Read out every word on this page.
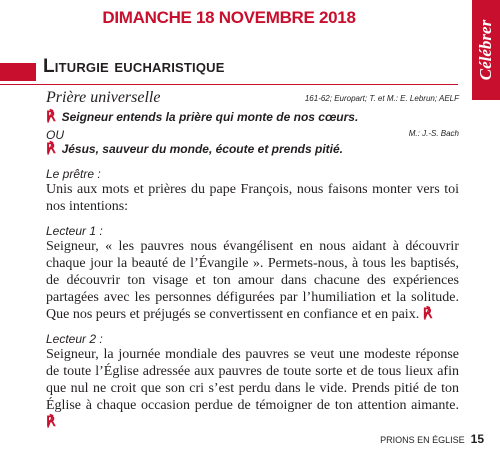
DIMANCHE 18 NOVEMBRE 2018
Célébrer
Liturgie eucharistique
Prière universelle	161-62; Europart; T. et M.: E. Lebrun; AELF
℟ Seigneur entends la prière qui monte de nos cœurs.
OU	M.: J.-S. Bach
℟ Jésus, sauveur du monde, écoute et prends pitié.
Le prêtre :

Unis aux mots et prières du pape François, nous faisons monter vers toi nos intentions:

Lecteur 1 :

Seigneur, « les pauvres nous évangélisent en nous aidant à découvrir chaque jour la beauté de l’Évangile ». Permets-nous, à tous les baptisés, de découvrir ton visage et ton amour dans chacune des expériences partagées avec les personnes défigurées par l’humiliation et la solitude. Que nos peurs et préjugés se convertissent en confiance et en paix. ℟

Lecteur 2 :

Seigneur, la journée mondiale des pauvres se veut une modeste réponse de toute l’Église adressée aux pauvres de toute sorte et de tous lieux afin que nul ne croit que son cri s’est perdu dans le vide. Prends pitié de ton Église à chaque occasion perdue de témoigner de ton attention aimante. ℟

PRIONS EN ÉGLISE 15
